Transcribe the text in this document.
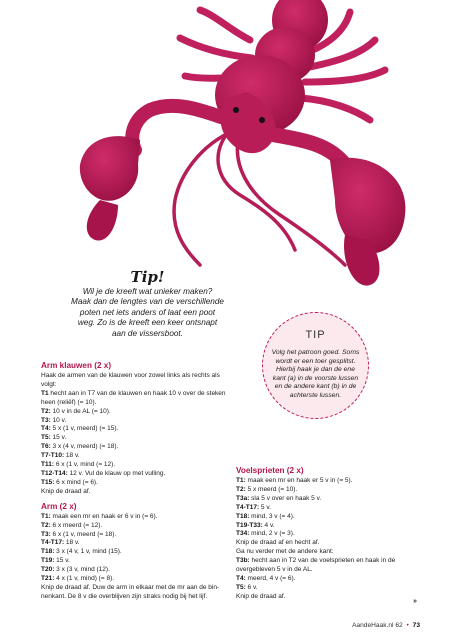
Tip!
Wil je de kreeft wat unieker maken?
Maak dan de lengtes van de verschillende
poten net iets anders of laat een poot
weg. Zo is de kreeft een keer ontsnapt
aan de vissersboot.	TIP
Volg het patroon goed. Soms
wordt er een toer gesplitst.
Hierbij haak je dan de ene
kant (a) in de voorste lussen
en de andere kant (b) in de
achterste lussen.
Arm klauwen (2 x)
Haak de armen van de klauwen voor zowel links als rechts als
volgt:
T1 hecht aan in T7 van de klauwen en haak 10 v over de steken
heen (reliëf) (= 10).
T2: 10 v in de AL (= 10).
T3: 10 v.
T4: 5 x (1 v, meerd) (= 15).
T5: 15 v.
T6: 3 x (4 v, meerd) (= 18).
T7-T10: 18 v.
T11: 6 x (1 v, mind (= 12).
T12-T14: 12 v. Vul de klauw op met vulling.
T15: 6 x mind (= 6).
Knip de draad af.
Arm (2 x)
T1: maak een mr en haak er 6 v in (= 6).
T2: 6 x meerd (= 12).
T3: 6 x (1 v, meerd (= 18).
T4-T17: 18 v.
T18: 3 x (4 v, 1 v, mind (15).
T19: 15 v.
T20: 3 x (3 v, mind (12).
T21: 4 x (1 v, mind) (= 8).
Knip de draad af. Duw de arm in elkaar met de mr aan de bin-
nenkant. De 8 v die overblijven zijn straks nodig bij het lijf.
Voelsprieten (2 x)
T1: maak een mr en haak er 5 v in (= 5).
T2: 5 x meerd (= 10).
T3a: sla 5 v over en haak 5 v.
T4-T17: 5 v.
T18: mind, 3 v (= 4).
T19-T33: 4 v.
T34: mind, 2 v (= 3).
Knip de draad af en hecht af.
Ga nu verder met de andere kant:
T3b: hecht aan in T2 van de voelsprieten en haak in de
overgebleven 5 v in de AL.
T4: meerd, 4 v (= 6).
T5: 6 v.
Knip de draad af.
»
AandeHaak.nl 62 • 73
